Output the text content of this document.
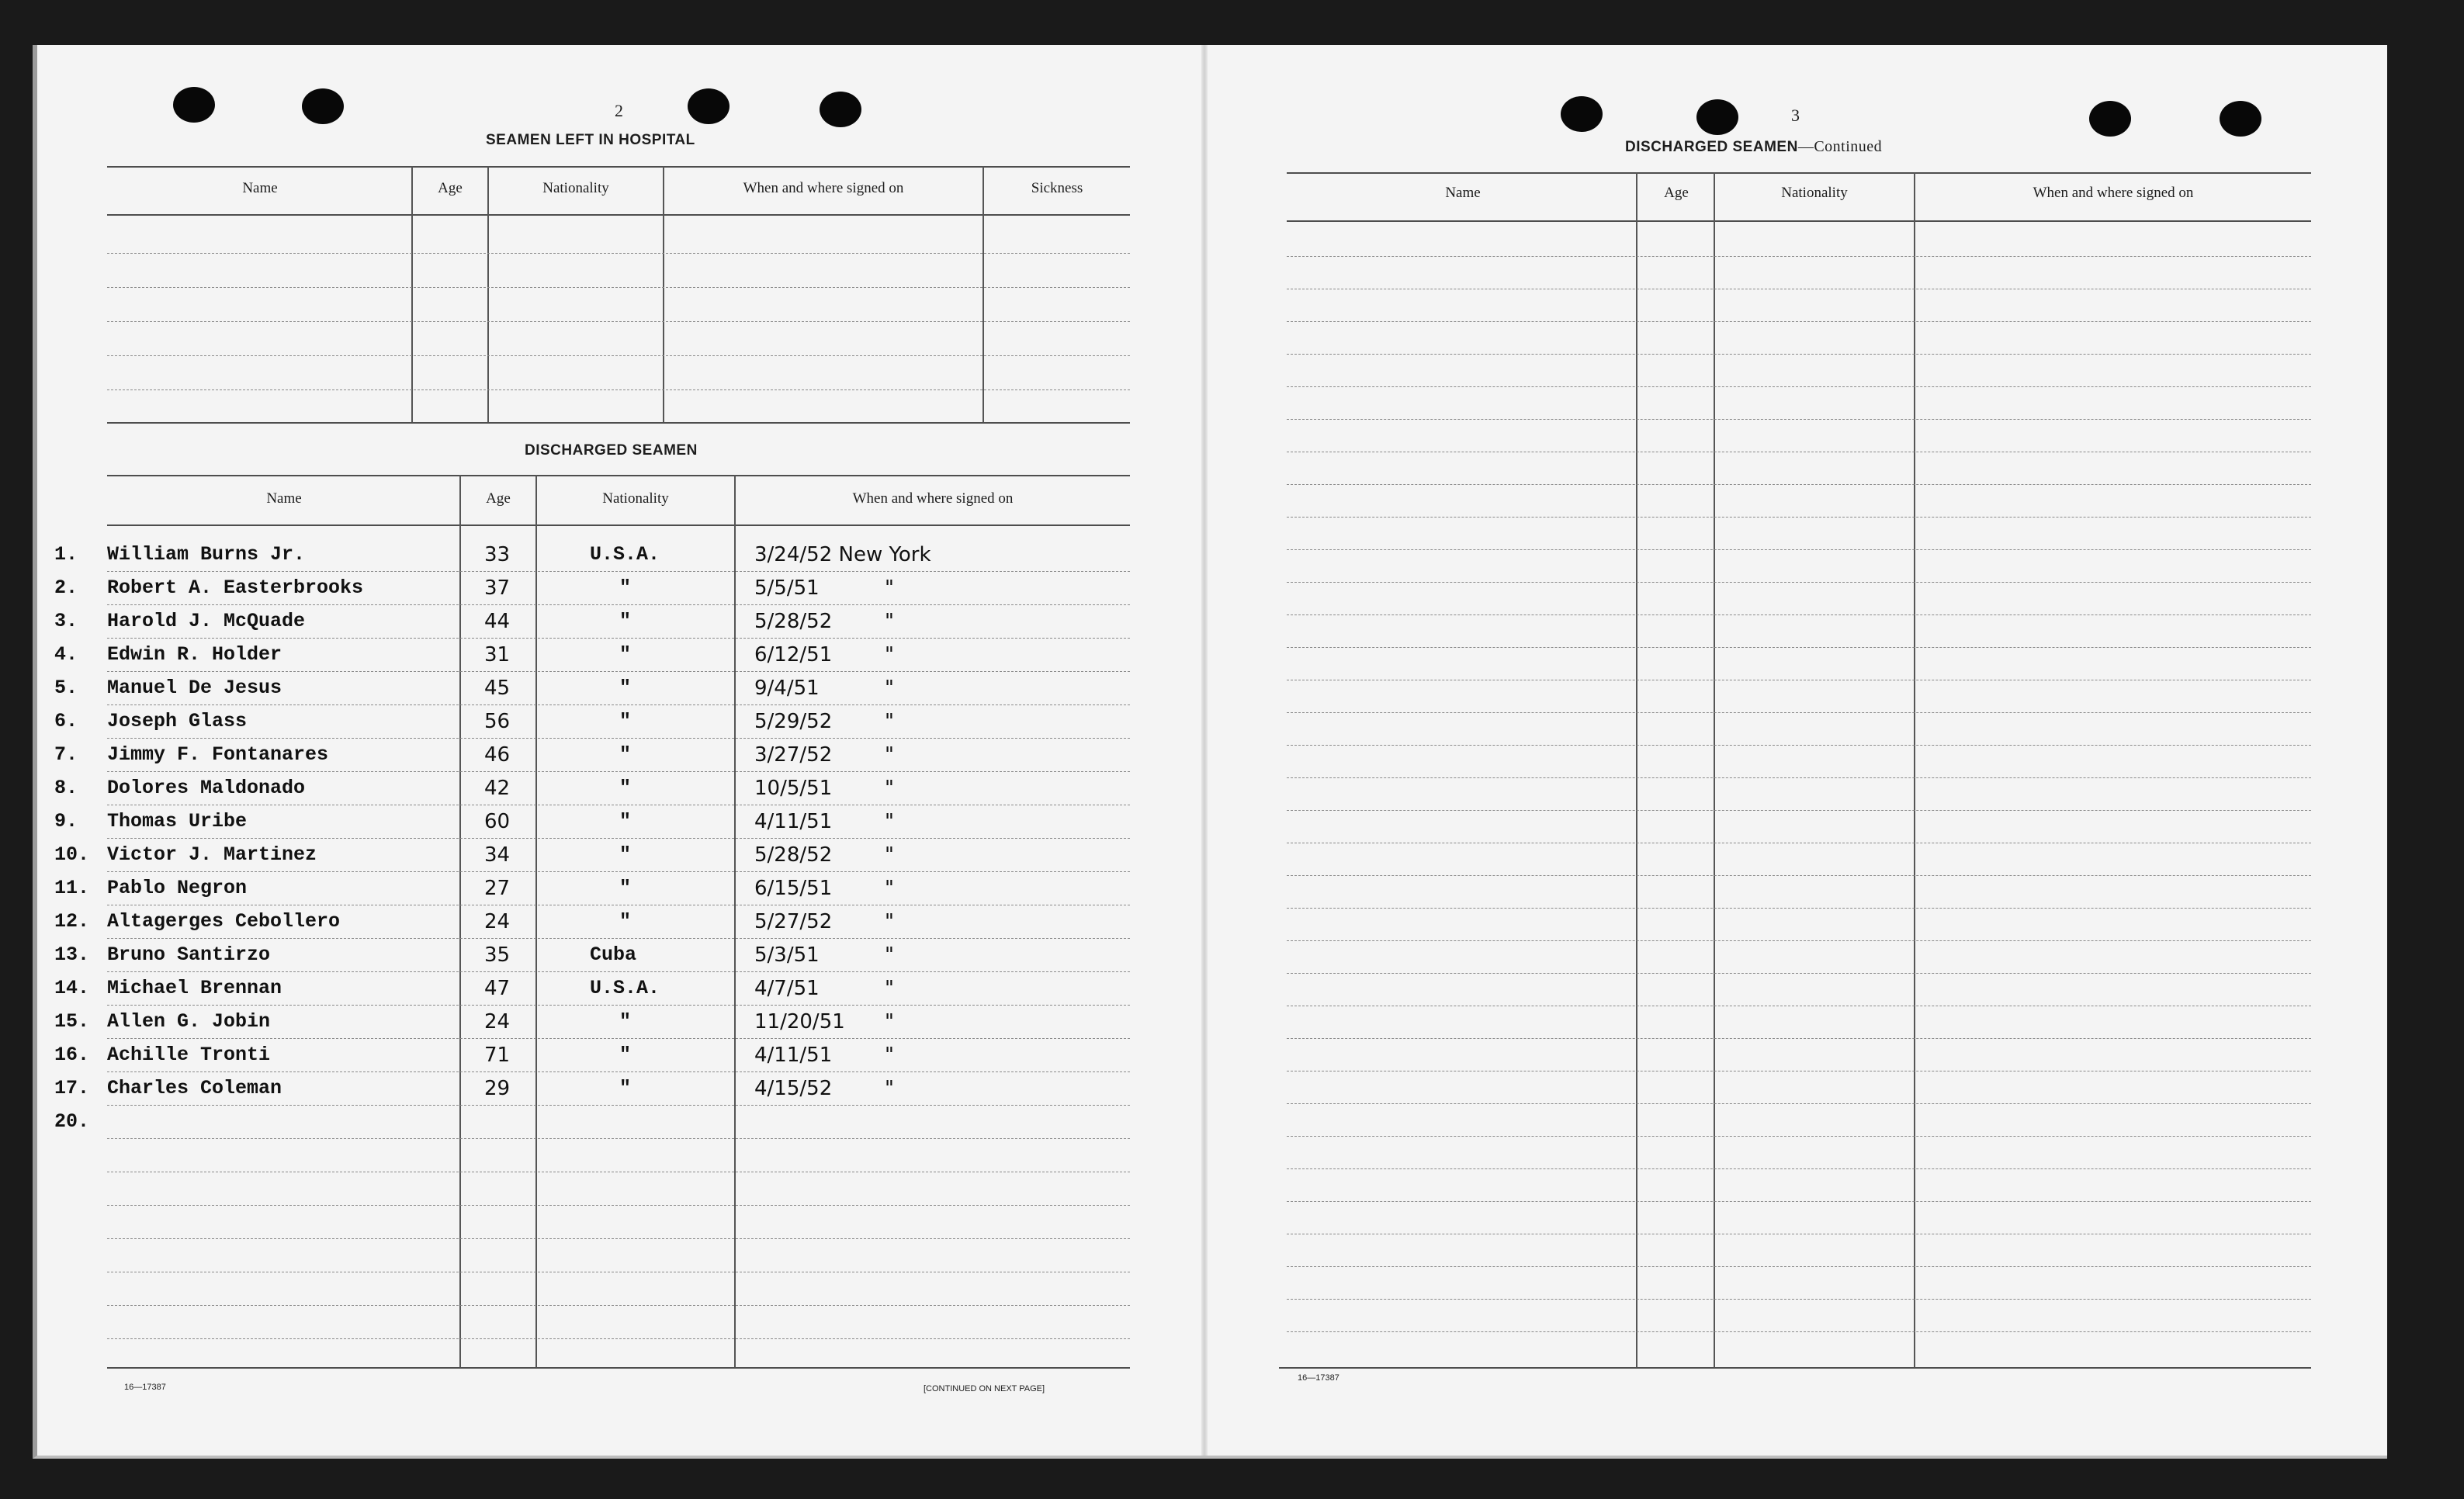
2
SEAMEN LEFT IN HOSPITAL
Name	Age	Nationality	When and where signed on	Sickness
DISCHARGED SEAMEN
Name	Age	Nationality	When and where signed on
1. William Burns Jr.	33	U.S.A.	3/24/52 New York
2. Robert A. Easterbrooks	37	"	5/5/51	"
3. Harold J. McQuade	44	"	5/28/52	"
4. Edwin R. Holder	31	"	6/12/51	"
5. Manuel De Jesus	45	"	9/4/51	"
6. Joseph Glass	56	"	5/29/52	"
7. Jimmy F. Fontanares	46	"	3/27/52	"
8. Dolores Maldonado	42	"	10/5/51	"
9. Thomas Uribe	60	"	4/11/51	"
10. Victor J. Martinez	34	"	5/28/52	"
11. Pablo Negron	27	"	6/15/51	"
12. Altagerges Cebollero	24	"	5/27/52	"
13. Bruno Santirzo	35	Cuba	5/3/51	"
14. Michael Brennan	47	U.S.A.	4/7/51	"
15. Allen G. Jobin	24	"	11/20/51 "
16. Achille Tronti	71	"	4/11/51	"
17. Charles Coleman	29	"	4/15/52	"
20.
16—17387	[CONTINUED ON NEXT PAGE]
3
DISCHARGED SEAMEN—Continued
Name	Age	Nationality	When and where signed on
16—17387
